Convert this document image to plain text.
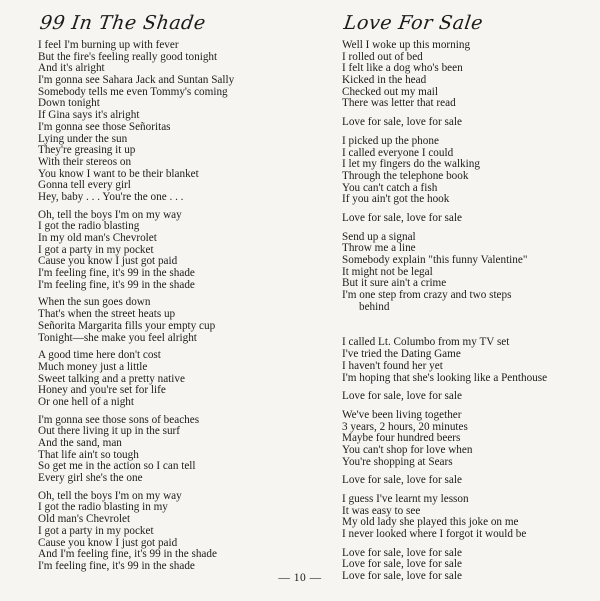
99 In The Shade
I feel I'm burning up with fever
But the fire's feeling really good tonight
And it's alright
I'm gonna see Sahara Jack and Suntan Sally
Somebody tells me even Tommy's coming
Down tonight
If Gina says it's alright
I'm gonna see those Señoritas
Lying under the sun
They're greasing it up
With their stereos on
You know I want to be their blanket
Gonna tell every girl
Hey, baby . . . You're the one . . .
Oh, tell the boys I'm on my way
I got the radio blasting
In my old man's Chevrolet
I got a party in my pocket
Cause you know I just got paid
I'm feeling fine, it's 99 in the shade
I'm feeling fine, it's 99 in the shade
When the sun goes down
That's when the street heats up
Señorita Margarita fills your empty cup
Tonight—she make you feel alright
A good time here don't cost
Much money just a little
Sweet talking and a pretty native
Honey and you're set for life
Or one hell of a night
I'm gonna see those sons of beaches
Out there living it up in the surf
And the sand, man
That life ain't so tough
So get me in the action so I can tell
Every girl she's the one
Oh, tell the boys I'm on my way
I got the radio blasting in my
Old man's Chevrolet
I got a party in my pocket
Cause you know I just got paid
And I'm feeling fine, it's 99 in the shade
I'm feeling fine, it's 99 in the shade
Love For Sale
Well I woke up this morning
I rolled out of bed
I felt like a dog who's been
Kicked in the head
Checked out my mail
There was letter that read
Love for sale, love for sale
I picked up the phone
I called everyone I could
I let my fingers do the walking
Through the telephone book
You can't catch a fish
If you ain't got the hook
Love for sale, love for sale
Send up a signal
Throw me a line
Somebody explain "this funny Valentine"
It might not be legal
But it sure ain't a crime
I'm one step from crazy and two steps
behind
I called Lt. Columbo from my TV set
I've tried the Dating Game
I haven't found her yet
I'm hoping that she's looking like a Penthouse
Love for sale, love for sale
We've been living together
3 years, 2 hours, 20 minutes
Maybe four hundred beers
You can't shop for love when
You're shopping at Sears
Love for sale, love for sale
I guess I've learnt my lesson
It was easy to see
My old lady she played this joke on me
I never looked where I forgot it would be
Love for sale, love for sale
Love for sale, love for sale
Love for sale, love for sale
— 10 —
